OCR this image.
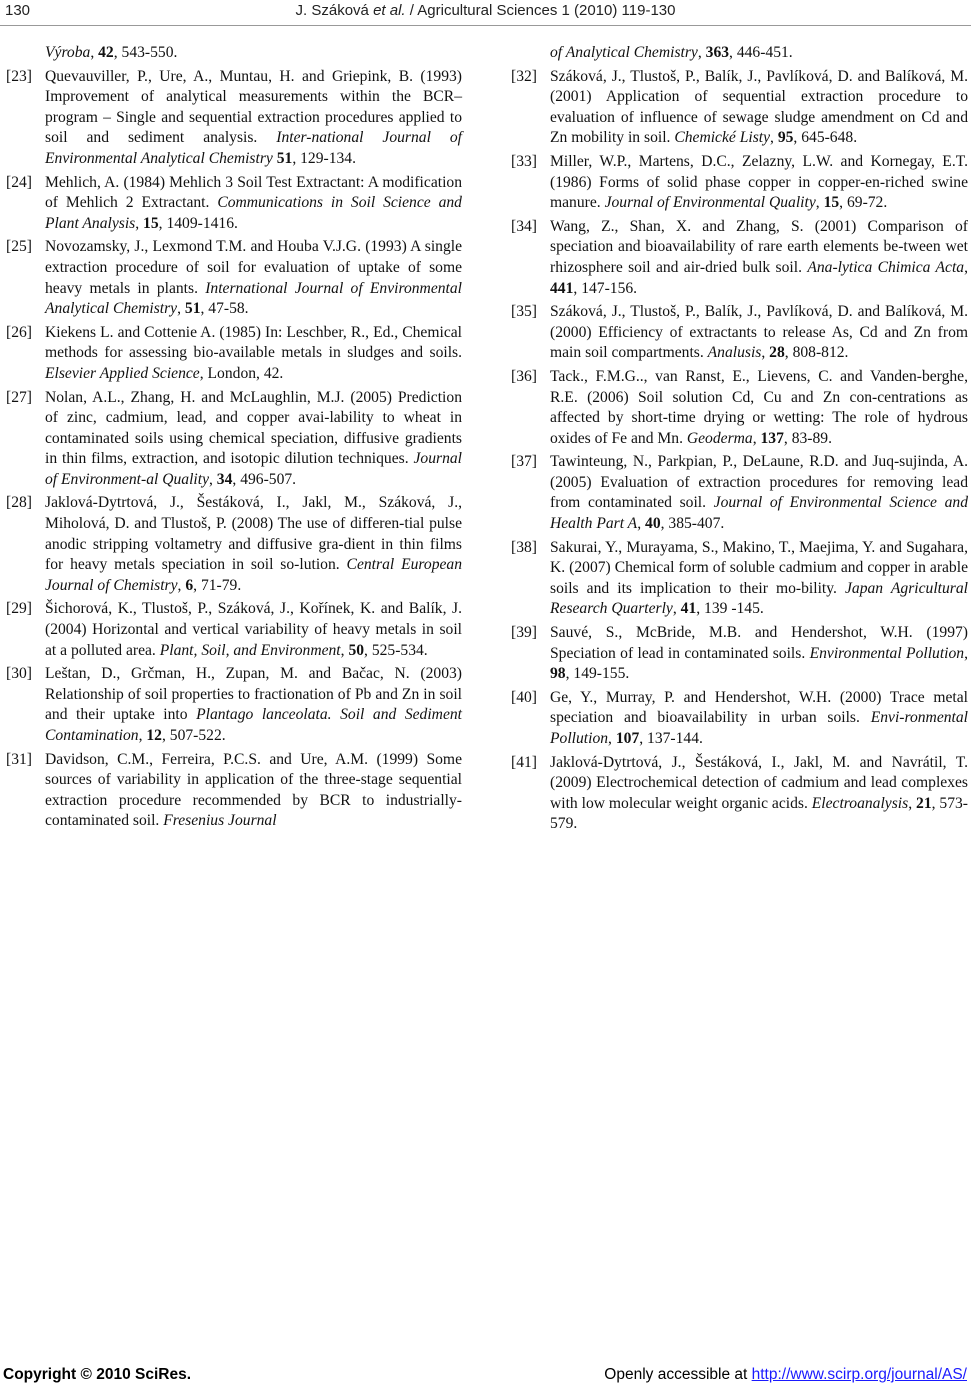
130	J. Száková et al. / Agricultural Sciences 1 (2010) 119-130
Výroba, 42, 543-550.
[23] Quevauviller, P., Ure, A., Muntau, H. and Griepink, B. (1993) Improvement of analytical measurements within the BCR–program – Single and sequential extraction procedures applied to soil and sediment analysis. Inter-national Journal of Environmental Analytical Chemistry 51, 129-134.
[24] Mehlich, A. (1984) Mehlich 3 Soil Test Extractant: A modification of Mehlich 2 Extractant. Communications in Soil Science and Plant Analysis, 15, 1409-1416.
[25] Novozamsky, J., Lexmond T.M. and Houba V.J.G. (1993) A single extraction procedure of soil for evaluation of uptake of some heavy metals in plants. International Journal of Environmental Analytical Chemistry, 51, 47-58.
[26] Kiekens L. and Cottenie A. (1985) In: Leschber, R., Ed., Chemical methods for assessing bio-available metals in sludges and soils. Elsevier Applied Science, London, 42.
[27] Nolan, A.L., Zhang, H. and McLaughlin, M.J. (2005) Prediction of zinc, cadmium, lead, and copper avai-lability to wheat in contaminated soils using chemical speciation, diffusive gradients in thin films, extraction, and isotopic dilution techniques. Journal of Environment-al Quality, 34, 496-507.
[28] Jaklová-Dytrtová, J., Šestáková, I., Jakl, M., Száková, J., Miholová, D. and Tlustoš, P. (2008) The use of differen-tial pulse anodic stripping voltametry and diffusive gra-dient in thin films for heavy metals speciation in soil so-lution. Central European Journal of Chemistry, 6, 71-79.
[29] Šichorová, K., Tlustoš, P., Száková, J., Kořínek, K. and Balík, J. (2004) Horizontal and vertical variability of heavy metals in soil at a polluted area. Plant, Soil, and Environment, 50, 525-534.
[30] Leštan, D., Grčman, H., Zupan, M. and Bačac, N. (2003) Relationship of soil properties to fractionation of Pb and Zn in soil and their uptake into Plantago lanceolata. Soil and Sediment Contamination, 12, 507-522.
[31] Davidson, C.M., Ferreira, P.C.S. and Ure, A.M. (1999) Some sources of variability in application of the three-stage sequential extraction procedure recommended by BCR to industrially-contaminated soil. Fresenius Journal
of Analytical Chemistry, 363, 446-451.
[32] Száková, J., Tlustoš, P., Balík, J., Pavlíková, D. and Balíková, M. (2001) Application of sequential extraction procedure to evaluation of influence of sewage sludge amendment on Cd and Zn mobility in soil. Chemické Listy, 95, 645-648.
[33] Miller, W.P., Martens, D.C., Zelazny, L.W. and Kornegay, E.T. (1986) Forms of solid phase copper in copper-en-riched swine manure. Journal of Environmental Quality, 15, 69-72.
[34] Wang, Z., Shan, X. and Zhang, S. (2001) Comparison of speciation and bioavailability of rare earth elements be-tween wet rhizosphere soil and air-dried bulk soil. Ana-lytica Chimica Acta, 441, 147-156.
[35] Száková, J., Tlustoš, P., Balík, J., Pavlíková, D. and Balíková, M. (2000) Efficiency of extractants to release As, Cd and Zn from main soil compartments. Analusis, 28, 808-812.
[36] Tack., F.M.G.., van Ranst, E., Lievens, C. and Vanden-berghe, R.E. (2006) Soil solution Cd, Cu and Zn con-centrations as affected by short-time drying or wetting: The role of hydrous oxides of Fe and Mn. Geoderma, 137, 83-89.
[37] Tawinteung, N., Parkpian, P., DeLaune, R.D. and Juq-sujinda, A. (2005) Evaluation of extraction procedures for removing lead from contaminated soil. Journal of Environmental Science and Health Part A, 40, 385-407.
[38] Sakurai, Y., Murayama, S., Makino, T., Maejima, Y. and Sugahara, K. (2007) Chemical form of soluble cadmium and copper in arable soils and its implication to their mo-bility. Japan Agricultural Research Quarterly, 41, 139 -145.
[39] Sauvé, S., McBride, M.B. and Hendershot, W.H. (1997) Speciation of lead in contaminated soils. Environmental Pollution, 98, 149-155.
[40] Ge, Y., Murray, P. and Hendershot, W.H. (2000) Trace metal speciation and bioavailability in urban soils. Envi-ronmental Pollution, 107, 137-144.
[41] Jaklová-Dytrtová, J., Šestáková, I., Jakl, M. and Navrátil, T. (2009) Electrochemical detection of cadmium and lead complexes with low molecular weight organic acids. Electroanalysis, 21, 573-579.
Copyright © 2010 SciRes.	Openly accessible at http://www.scirp.org/journal/AS/
